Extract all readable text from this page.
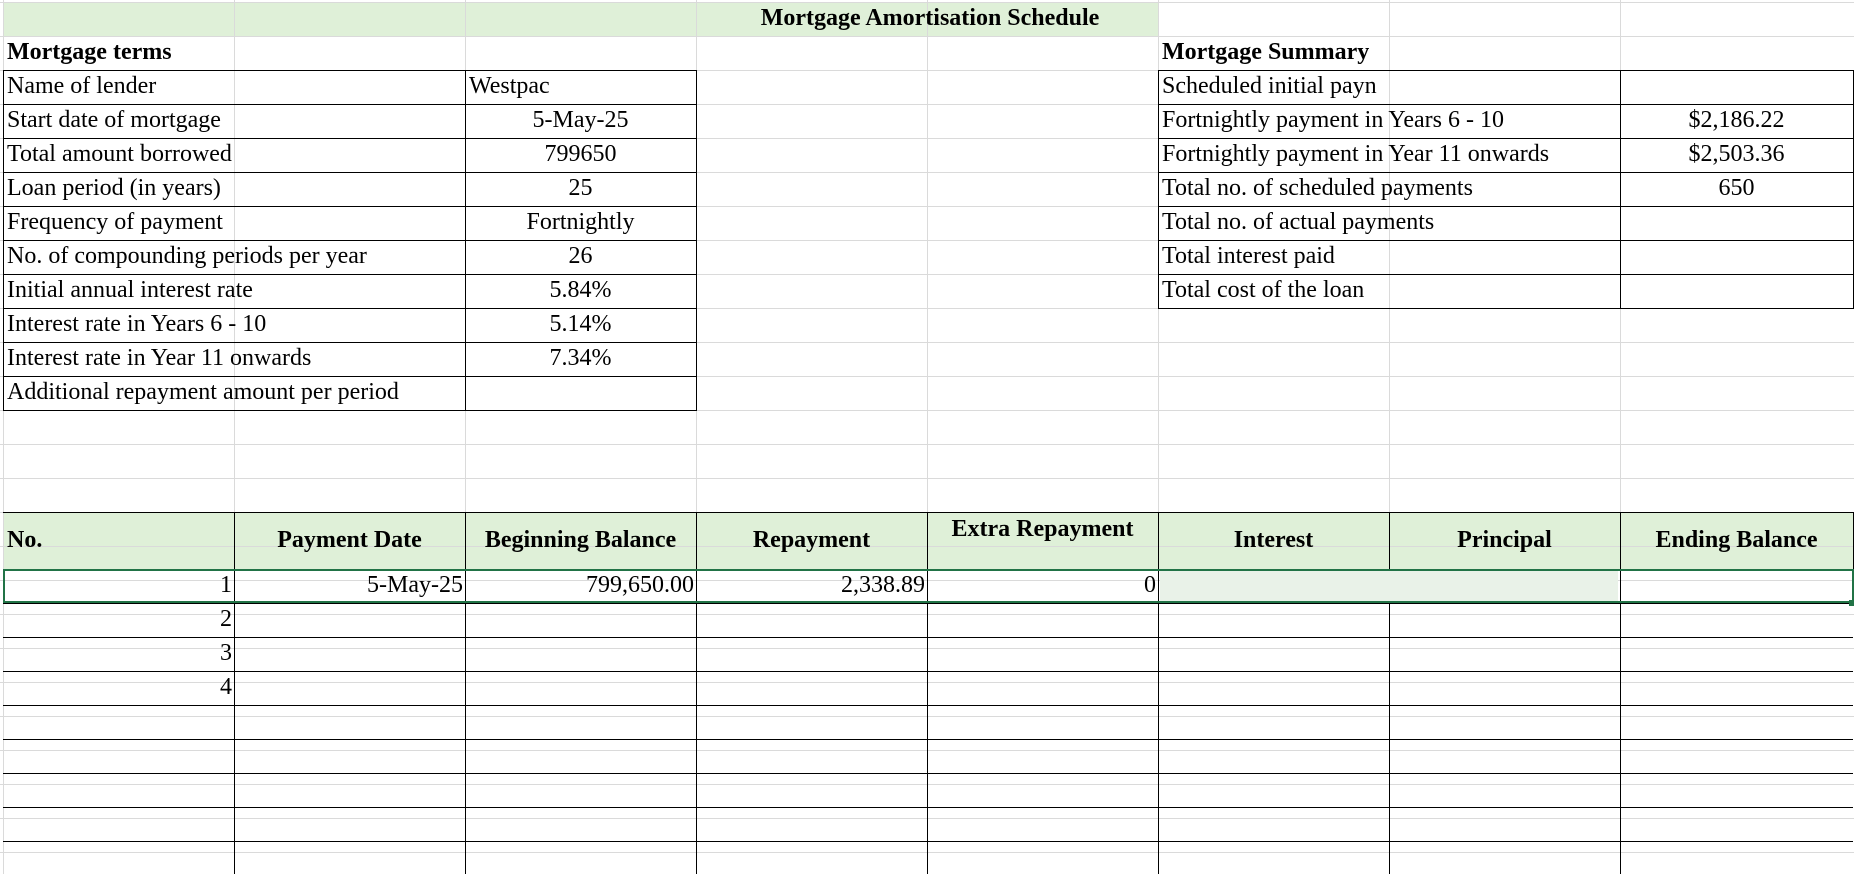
Mortgage Amortisation Schedule
Mortgage terms
Name of lender	Westpac
Start date of mortgage	5-May-25
Total amount borrowed	799650
Loan period (in years)	25
Frequency of payment	Fortnightly
No. of compounding periods per year	26
Initial annual interest rate	5.84%
Interest rate in Years 6 - 10	5.14%
Interest rate in Year 11 onwards	7.34%
Additional repayment amount per period
Mortgage Summary
Scheduled initial payn
Fortnightly payment in Years 6 - 10	$2,186.22
Fortnightly payment in Year 11 onwards	$2,503.36
Total no. of scheduled payments	650
Total no. of actual payments
Total interest paid
Total cost of the loan
No.	Payment Date	Beginning Balance	Repayment	Extra Repayment	Interest	Principal	Ending Balance
1	5-May-25	799,650.00	2,338.89	0
2
3
4
